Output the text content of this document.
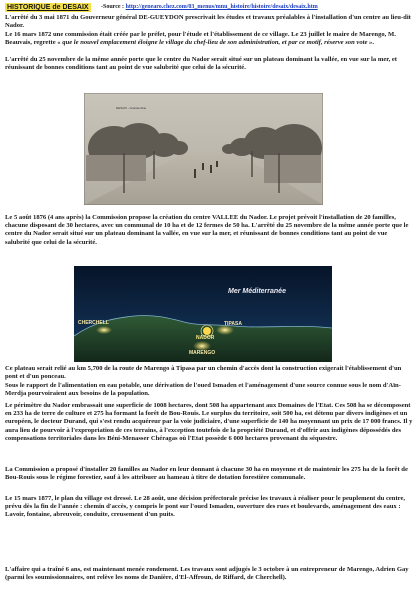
HISTORIQUE de DESAIX	-Source : http://genearo.chez.com/03_menus/mnu_histoire/histoire/desaix/desaix.htm

L'arrêté du 3 mai 1871 du Gouverneur général DE-GUEYDON prescrivait les études et travaux préalables à l'installation d'un centre au lieu-dit Nador.

Le 16 mars 1872 une commission était créée par le préfet, pour l'étude et l'établissement de ce village. Le 23 juillet le maire de Marengo, M. Beauvais, regrette « que le nouvel emplacement éloigne le village du chef-lieu de son administration, et par ce motif, réserve son vote ».

L'arrêté du 25 novembre de la même année porte que le centre du Nador serait situé sur un plateau dominant la vallée, en vue sur la mer, et réunissant de bonnes conditions tant au point de vue salubrité que celui de la sécurité.

DESAIX - Grande-Rue

Le 5 août 1876 (4 ans après) la Commission propose la création du centre VALLEE du Nador. Le projet prévoit l'installation de 20 familles, chacune disposant de 30 hectares, avec un communal de 10 ha et de 12 fermes de 50 ha. L'arrêté du 25 novembre de la même année porte que le centre du Nador serait situé sur un plateau dominant la vallée, en vue sur la mer, et réunissant de bonnes conditions tant au point de vue salubrité que celui de la sécurité.

Mer Méditerranée
TIPASA
MARENGO
CHERCHELL
NADOR

Ce plateau serait relié au km 5,700 de la route de Marengo à Tipasa par un chemin d'accès dont la construction exigerait l'établissement d'un pont et d'un ponceau.

Sous le rapport de l'alimentation en eau potable, une dérivation de l'oued Ismaden et l'aménagement d'une source connue sous le nom d'Aïn-Merdja pourvoiraient aux besoins de la population.

Le périmètre du Nador embrassait une superficie de 1008 hectares, dont 508 ha appartenant aux Domaines de l'Etat. Ces 508 ha se décomposent en 233 ha de terre de culture et 275 ha formant la forêt de Bou-Rouis. Le surplus du territoire, soit 500 ha, est détenu par divers indigènes et un européen, le docteur Durand, qui s'est rendu acquéreur par la voie judiciaire, d'une superficie de 140 ha moyennant un prix de 17 000 francs. Il y aura lieu de pourvoir à l'expropriation de ces terrains, à l'exception toutefois de la propriété Durand, et d'offrir aux indigènes dépossédés des compensations territoriales dans les Béni-Menasser Chéragas où l'Etat possède 6 000 hectares provenant du séquestre.

La Commission a proposé d'installer 20 familles au Nador en leur donnant à chacune 30 ha en moyenne et de maintenir les 275 ha de la forêt de Bou-Rouis sous le régime forestier, sauf à les attribuer au hameau à titre de dotation forestière communale.

Le 15 mars 1877, le plan du village est dressé. Le 28 août, une décision préfectorale précise les travaux à réaliser pour le peuplement du centre, prévu dès la fin de l'année : chemin d'accès, y compris le pont sur l'oued Ismaden, ouverture des rues et boulevards, aménagement des eaux : Lavoir, fontaine, abreuvoir, conduite, creusement d'un puits.

L'affaire qui a traîné 6 ans, est maintenant menée rondement. Les travaux sont adjugés le 3 octobre à un entrepreneur de Marengo, Adrien Gay (parmi les soumissionnaires, ont relève les noms de Danière, d'El-Affroun, de Riffard, de Cherchell).
